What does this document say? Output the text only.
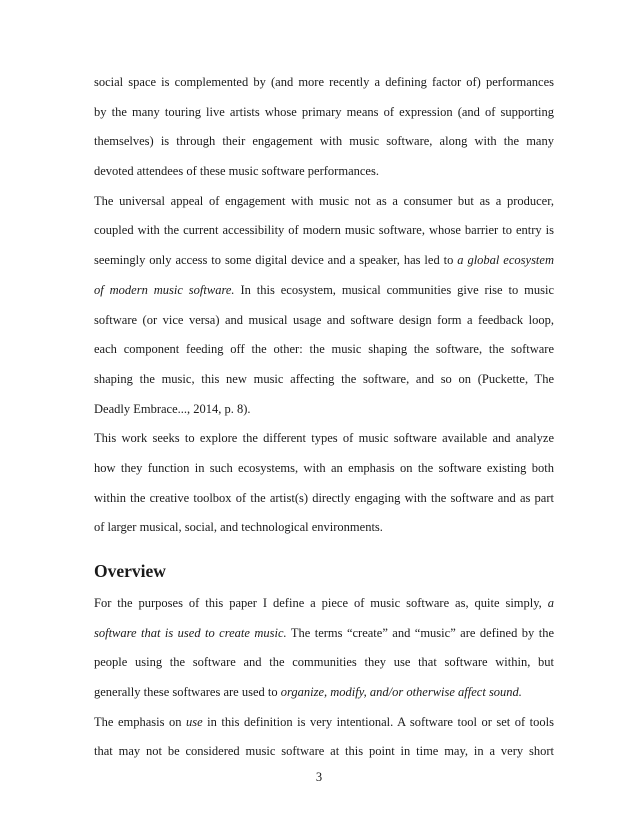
social space is complemented by (and more recently a defining factor of) performances
by the many touring live artists whose primary means of expression (and of supporting
themselves) is through their engagement with music software, along with the many
devoted attendees of these music software performances.
The universal appeal of engagement with music not as a consumer but as a producer,
coupled with the current accessibility of modern music software, whose barrier to entry is
seemingly only access to some digital device and a speaker, has led to a global ecosystem
of modern music software. In this ecosystem, musical communities give rise to music
software (or vice versa) and musical usage and software design form a feedback loop,
each component feeding off the other: the music shaping the software, the software
shaping the music, this new music affecting the software, and so on (Puckette, The
Deadly Embrace..., 2014, p. 8).
This work seeks to explore the different types of music software available and analyze
how they function in such ecosystems, with an emphasis on the software existing both
within the creative toolbox of the artist(s) directly engaging with the software and as part
of larger musical, social, and technological environments.
Overview
For the purposes of this paper I define a piece of music software as, quite simply, a
software that is used to create music. The terms “create” and “music” are defined by the
people using the software and the communities they use that software within, but
generally these softwares are used to organize, modify, and/or otherwise affect sound.
The emphasis on use in this definition is very intentional. A software tool or set of tools
that may not be considered music software at this point in time may, in a very short
3
